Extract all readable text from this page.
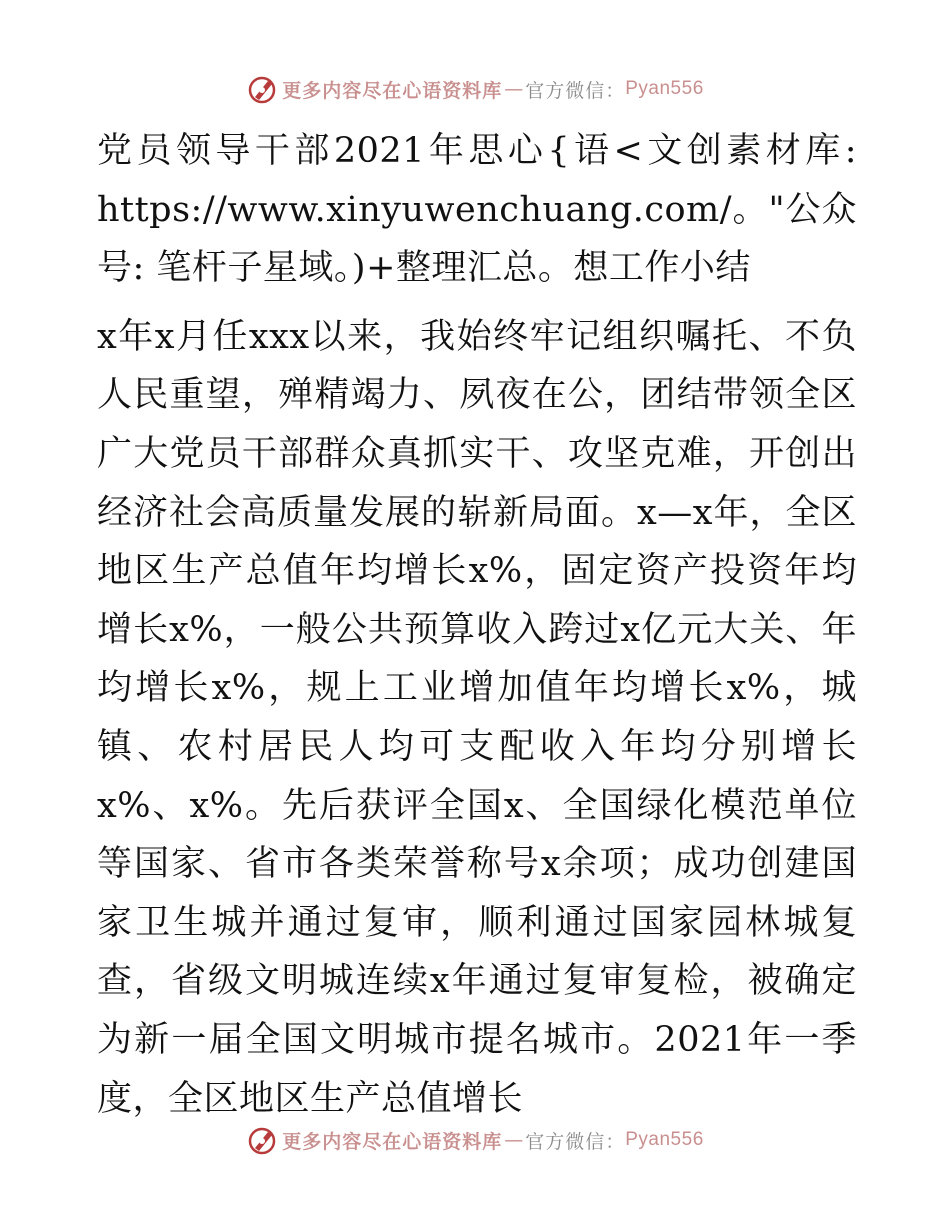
更多内容尽在心语资料库 — 官方微信： Pyan556

党员领导干部2021年思心{语<文创素材库: https://www.xinyuwenchuang.com/。"公众号: 笔杆子星域。)+整理汇总。想工作小结

x年x月任xxx以来，我始终牢记组织嘱托、不负人民重望，殚精竭力、夙夜在公，团结带领全区广大党员干部群众真抓实干、攻坚克难，开创出经济社会高质量发展的崭新局面。x—x年，全区地区生产总值年均增长x%，固定资产投资年均增长x%，一般公共预算收入跨过x亿元大关、年均增长x%，规上工业增加值年均增长x%，城镇、农村居民人均可支配收入年均分别增长x%、x%。先后获评全国x、全国绿化模范单位等国家、省市各类荣誉称号x余项；成功创建国家卫生城并通过复审，顺利通过国家园林城复查，省级文明城连续x年通过复审复检，被确定为新一届全国文明城市提名城市。2021年一季度，全区地区生产总值增长

更多内容尽在心语资料库 — 官方微信： Pyan556
